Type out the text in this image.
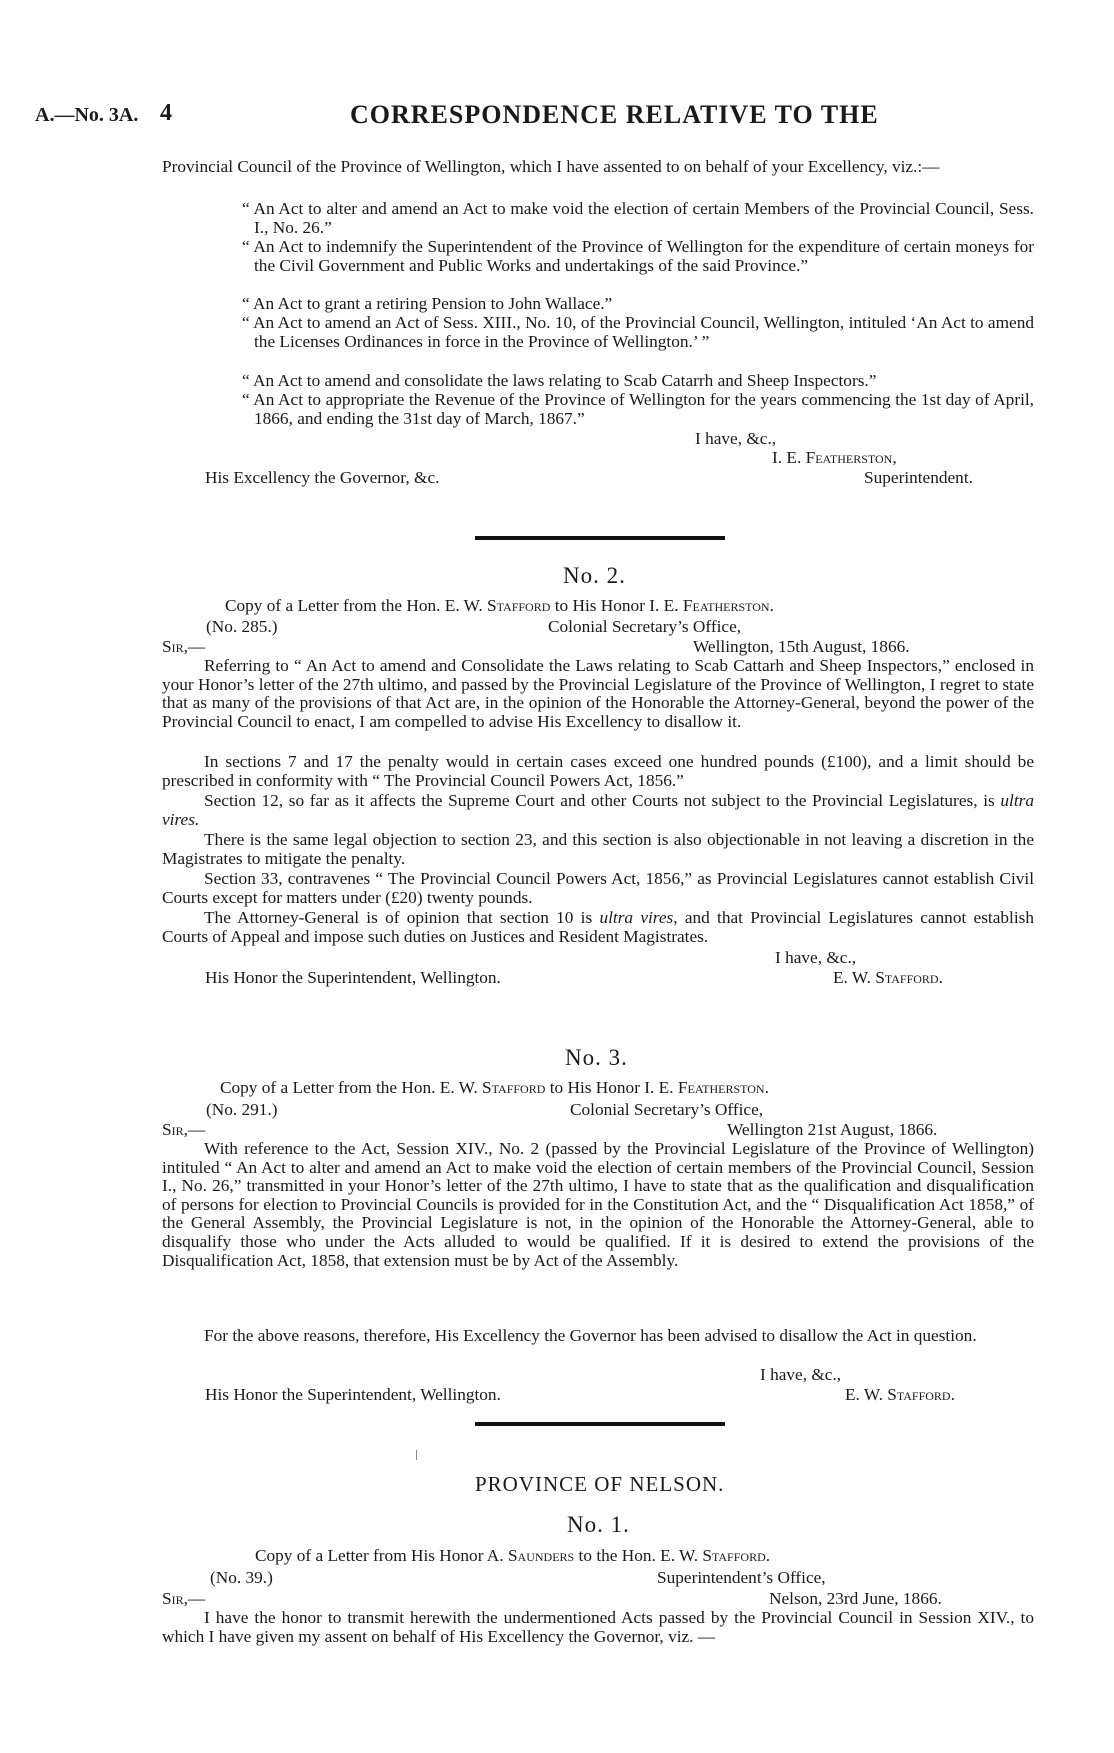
A.—No. 3A. 4	CORRESPONDENCE RELATIVE TO THE
Provincial Council of the Province of Wellington, which I have assented to on behalf of your Excellency, viz.:—
“ An Act to alter and amend an Act to make void the election of certain Members of the Provincial Council, Sess. I., No. 26.”
“ An Act to indemnify the Superintendent of the Province of Wellington for the expenditure of certain moneys for the Civil Government and Public Works and undertakings of the said Province.”
“ An Act to grant a retiring Pension to John Wallace.”
“ An Act to amend an Act of Sess. XIII., No. 10, of the Provincial Council, Wellington, intituled ‘An Act to amend the Licenses Ordinances in force in the Province of Wellington.’ ”
“ An Act to amend and consolidate the laws relating to Scab Catarrh and Sheep Inspectors.”
“ An Act to appropriate the Revenue of the Province of Wellington for the years commencing the 1st day of April, 1866, and ending the 31st day of March, 1867.”
I have, &c.,
I. E. Featherston,
Superintendent.
His Excellency the Governor, &c.
No. 2.
Copy of a Letter from the Hon. E. W. Stafford to His Honor I. E. Featherston.
(No. 285.)	Colonial Secretary’s Office,
Sir,—	Wellington, 15th August, 1866.
Referring to “ An Act to amend and Consolidate the Laws relating to Scab Cattarh and Sheep Inspectors,” enclosed in your Honor’s letter of the 27th ultimo, and passed by the Provincial Legislature of the Province of Wellington, I regret to state that as many of the provisions of that Act are, in the opinion of the Honorable the Attorney-General, beyond the power of the Provincial Council to enact, I am compelled to advise His Excellency to disallow it.
In sections 7 and 17 the penalty would in certain cases exceed one hundred pounds (£100), and a limit should be prescribed in conformity with “ The Provincial Council Powers Act, 1856.”
Section 12, so far as it affects the Supreme Court and other Courts not subject to the Provincial Legislatures, is ultra vires.
There is the same legal objection to section 23, and this section is also objectionable in not leaving a discretion in the Magistrates to mitigate the penalty.
Section 33, contravenes “ The Provincial Council Powers Act, 1856,” as Provincial Legislatures cannot establish Civil Courts except for matters under (£20) twenty pounds.
The Attorney-General is of opinion that section 10 is ultra vires, and that Provincial Legislatures cannot establish Courts of Appeal and impose such duties on Justices and Resident Magistrates.
I have, &c.,
His Honor the Superintendent, Wellington.	E. W. Stafford.
No. 3.
Copy of a Letter from the Hon. E. W. Stafford to His Honor I. E. Featherston.
(No. 291.)	Colonial Secretary’s Office,
Sir,—	Wellington 21st August, 1866.
With reference to the Act, Session XIV., No. 2 (passed by the Provincial Legislature of the Province of Wellington) intituled “ An Act to alter and amend an Act to make void the election of certain members of the Provincial Council, Session I., No. 26,” transmitted in your Honor’s letter of the 27th ultimo, I have to state that as the qualification and disqualification of persons for election to Provincial Councils is provided for in the Constitution Act, and the “ Disqualification Act 1858,” of the General Assembly, the Provincial Legislature is not, in the opinion of the Honorable the Attorney-General, able to disqualify those who under the Acts alluded to would be qualified. If it is desired to extend the provisions of the Disqualification Act, 1858, that extension must be by Act of the Assembly.
For the above reasons, therefore, His Excellency the Governor has been advised to disallow the Act in question.
I have, &c.,
His Honor the Superintendent, Wellington.	E. W. Stafford.
PROVINCE OF NELSON.
No. 1.
Copy of a Letter from His Honor A. Saunders to the Hon. E. W. Stafford.
(No. 39.)	Superintendent’s Office,
Sir,—	Nelson, 23rd June, 1866.
I have the honor to transmit herewith the undermentioned Acts passed by the Provincial Council in Session XIV., to which I have given my assent on behalf of His Excellency the Governor, viz. —
